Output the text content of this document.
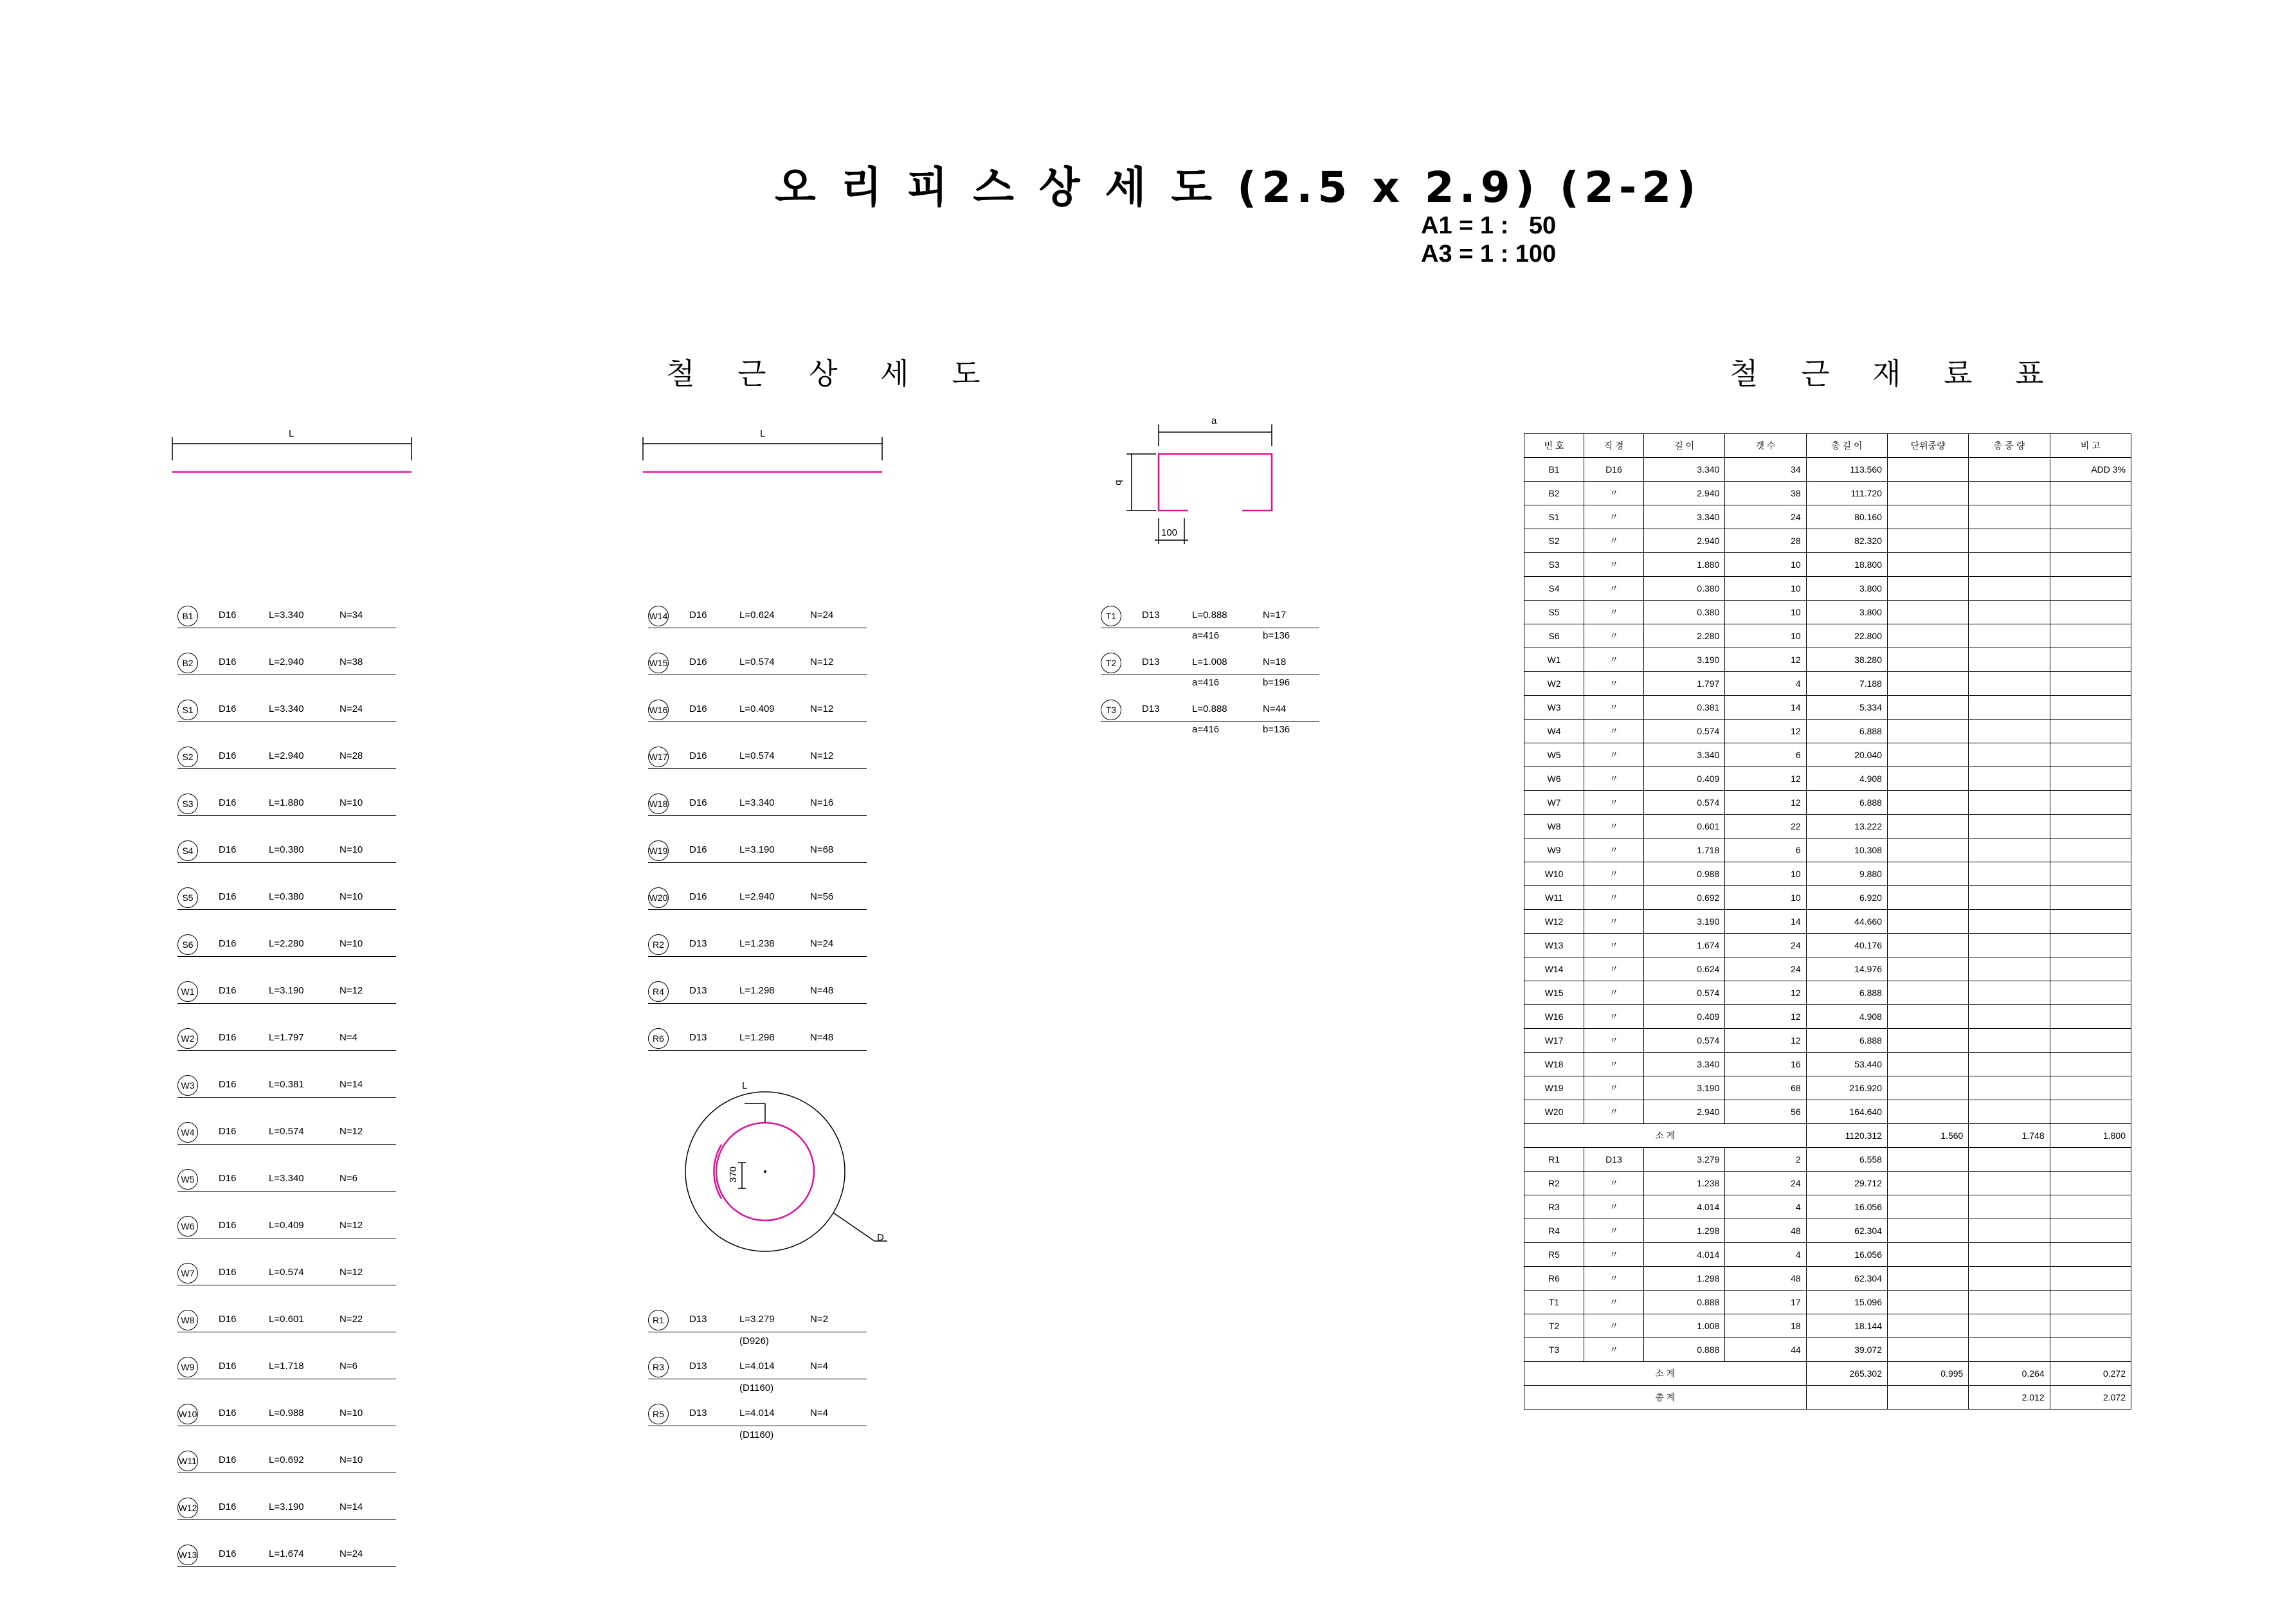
오 리 피 스 상 세 도 (2.5 x 2.9) (2-2)
A1 = 1 :   50
A3 = 1 : 100
철 근 상 세 도	철 근 재 료 표
L	L
a
b
100
L
370
D
B1	D16	L=3.340	N=34
B2	D16	L=2.940	N=38
S1	D16	L=3.340	N=24
S2	D16	L=2.940	N=28
S3	D16	L=1.880	N=10
S4	D16	L=0.380	N=10
S5	D16	L=0.380	N=10
S6	D16	L=2.280	N=10
W1	D16	L=3.190	N=12
W2	D16	L=1.797	N=4
W3	D16	L=0.381	N=14
W4	D16	L=0.574	N=12
W5	D16	L=3.340	N=6
W6	D16	L=0.409	N=12
W7	D16	L=0.574	N=12
W8	D16	L=0.601	N=22
W9	D16	L=1.718	N=6
W10 D16	L=0.988	N=10
W11 D16	L=0.692	N=10
W12 D16	L=3.190	N=14
W13 D16	L=1.674	N=24
W14 D16	L=0.624	N=24
W15 D16	L=0.574	N=12
W16 D16	L=0.409	N=12
W17 D16	L=0.574	N=12
W18 D16	L=3.340	N=16
W19 D16	L=3.190	N=68
W20 D16	L=2.940	N=56
R2	D13	L=1.238	N=24
R4	D13	L=1.298	N=48
R6	D13	L=1.298	N=48
R1	D13	L=3.279	N=2
R3	D13	L=4.014	N=4
R5	D13	L=4.014	N=4
T1	D13	L=0.888	N=17
T2	D13	L=1.008	N=18
T3	D13	L=0.888	N=44
번 호	직 경	길 이	갯 수	총 길 이	단위중량	총 중 량	비 고
B1	D16	3.340	34	113.560			ADD 3%
B2	〃	2.940	38	111.720			
S1	〃	3.340	24	80.160			
S2	〃	2.940	28	82.320			
S3	〃	1.880	10	18.800			
S4	〃	0.380	10	3.800			
S5	〃	0.380	10	3.800			
S6	〃	2.280	10	22.800			
W1	〃	3.190	12	38.280			
W2	〃	1.797	4	7.188			
W3	〃	0.381	14	5.334			
W4	〃	0.574	12	6.888			
W5	〃	3.340	6	20.040			
W6	〃	0.409	12	4.908			
W7	〃	0.574	12	6.888			
W8	〃	0.601	22	13.222			
W9	〃	1.718	6	10.308			
W10	〃	0.988	10	9.880			
W11	〃	0.692	10	6.920			
W12	〃	3.190	14	44.660			
W13	〃	1.674	24	40.176			
W14	〃	0.624	24	14.976			
W15	〃	0.574	12	6.888			
W16	〃	0.409	12	4.908			
W17	〃	0.574	12	6.888			
W18	〃	3.340	16	53.440			
W19	〃	3.190	68	216.920			
W20	〃	2.940	56	164.640			
소 계				1120.312	1.560	1.748	1.800
R1	D13	3.279	2	6.558			
R2	〃	1.238	24	29.712			
R3	〃	4.014	4	16.056			
R4	〃	1.298	48	62.304			
R5	〃	4.014	4	16.056			
R6	〃	1.298	48	62.304			
T1	〃	0.888	17	15.096			
T2	〃	1.008	18	18.144			
T3	〃	0.888	44	39.072			
소 계				265.302	0.995	0.264	0.272
총 계						2.012	2.072
(D926)
(D1160)
(D1160)
a=416	b=136
a=416	b=196
a=416	b=136
